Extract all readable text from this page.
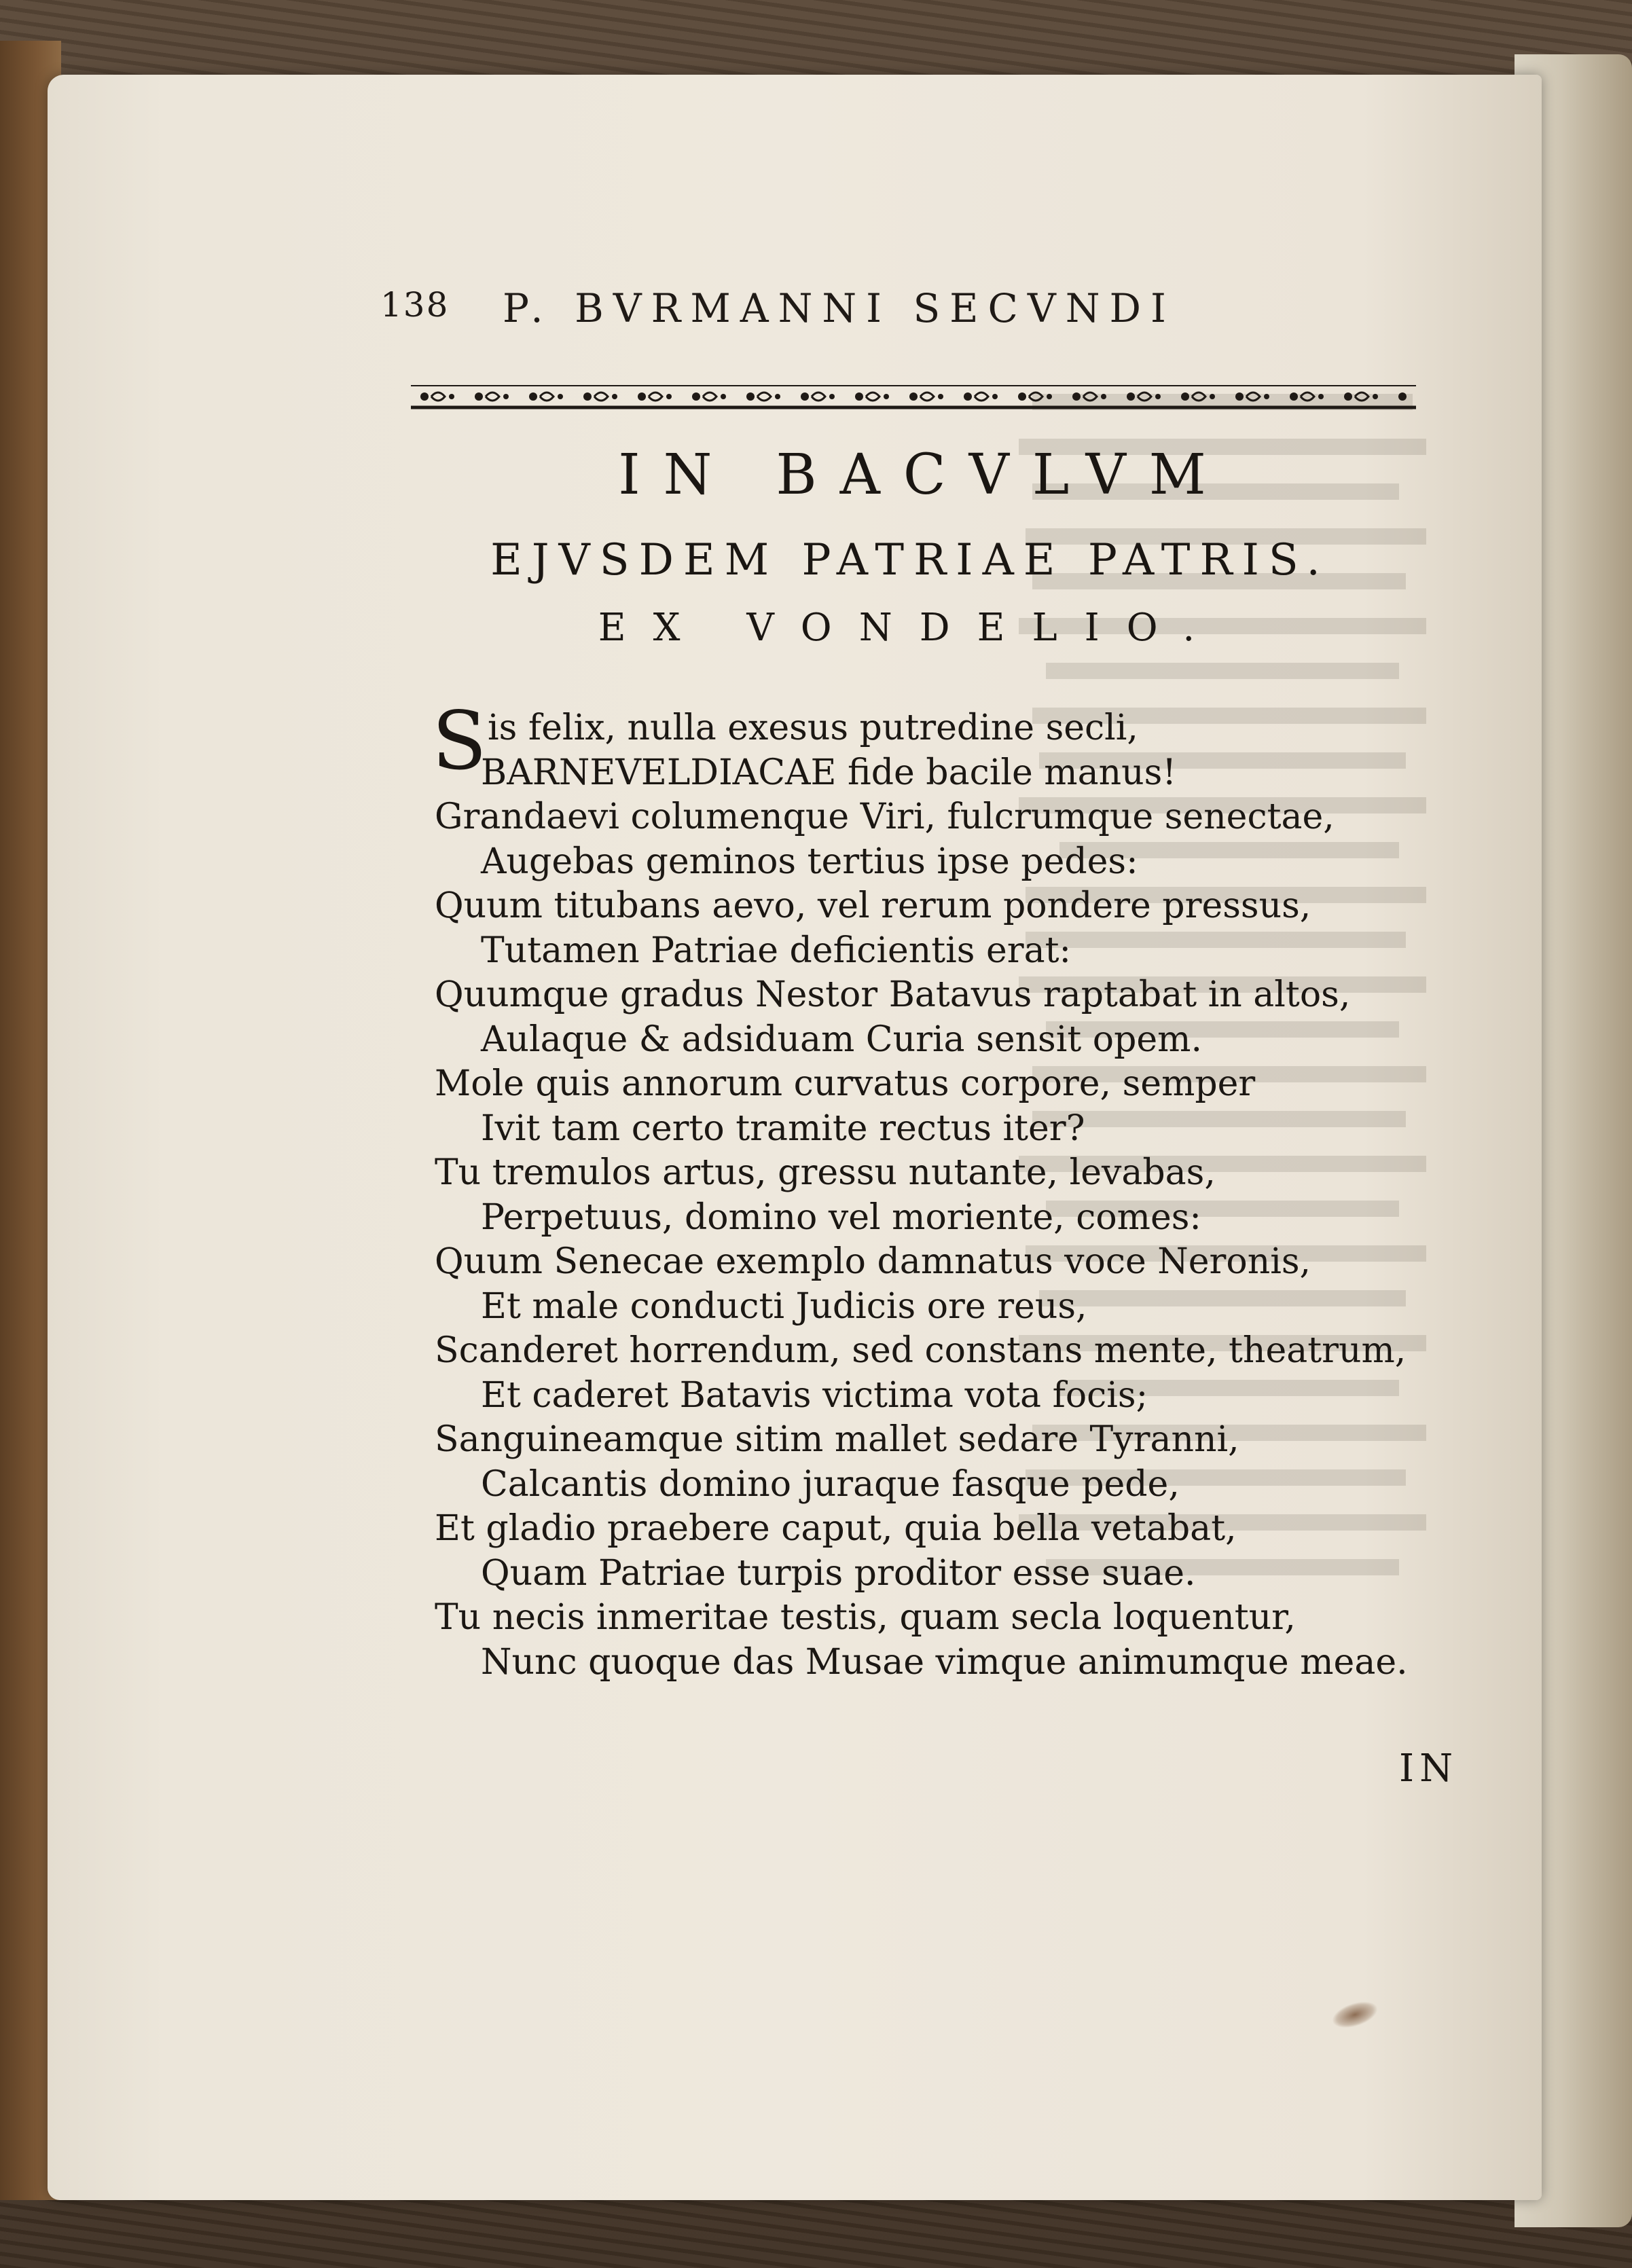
138 P. BVRMANNI SECVNDI
IN BACVLVM
EJVSDEM PATRIAE PATRIS.
EX VONDELIO.
S is felix, nulla exesus putredine secli,
BARNEVELDIACAE fide bacile manus!
Grandaevi columenque Viri, fulcrumque senectae,
Augebas geminos tertius ipse pedes:
Quum titubans aevo, vel rerum pondere pressus,
Tutamen Patriae deficientis erat:
Quumque gradus Nestor Batavus raptabat in altos,
Aulaque & adsiduam Curia sensit opem.
Mole quis annorum curvatus corpore, semper
Ivit tam certo tramite rectus iter?
Tu tremulos artus, gressu nutante, levabas,
Perpetuus, domino vel moriente, comes:
Quum Senecae exemplo damnatus voce Neronis,
Et male conducti Judicis ore reus,
Scanderet horrendum, sed constans mente, theatrum,
Et caderet Batavis victima vota focis;
Sanguineamque sitim mallet sedare Tyranni,
Calcantis domino juraque fasque pede,
Et gladio praebere caput, quia bella vetabat,
Quam Patriae turpis proditor esse suae.
Tu necis inmeritae testis, quam secla loquentur,
Nunc quoque das Musae vimque animumque meae.
IN
